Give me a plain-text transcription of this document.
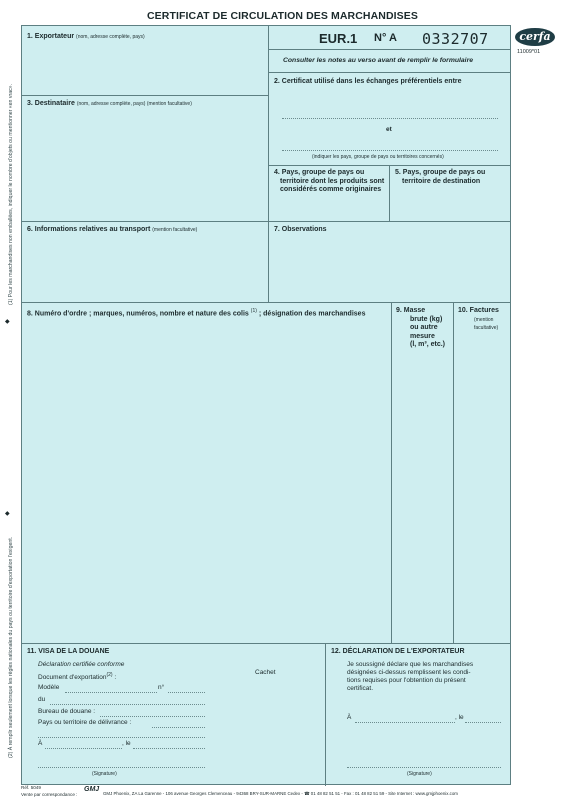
CERTIFICAT DE CIRCULATION DES MARCHANDISES
cerfa
11009*01
(1) Pour les marchandises non emballées, indiquer le nombre d'objets ou mentionner «en vrac».
◆
(2) À remplir seulement lorsque les règles nationales du pays ou territoire d'exportation l'exigent.
◆
1. Exportateur (nom, adresse complète, pays)	EUR.1 N° A 0332707
Consulter les notes au verso avant de remplir le formulaire
2. Certificat utilisé dans les échanges préférentiels entre
et
(indiquer les pays, groupe de pays ou territoires concernés)
3. Destinataire (nom, adresse complète, pays) (mention facultative)
4. Pays, groupe de pays ou
territoire dont les produits sont
considérés comme originaires
5. Pays, groupe de pays ou
territoire de destination
6. Informations relatives au transport (mention facultative)	7. Observations
8. Numéro d'ordre ; marques, numéros, nombre et nature des colis $^{(1)}$ ; désignation des marchandises	9. Masse
brute (kg)
ou autre
mesure
(l, m³, etc.)
10. Factures
(mention
facultative)
11. VISA DE LA DOUANE
Déclaration certifiée conforme
Document d'exportation$^{(2)}$ :
Cachet
Modèle	n°
du
Bureau de douane :
Pays ou territoire de délivrance :
À	, le
(Signature)
12. DÉCLARATION DE L'EXPORTATEUR
Je soussigné déclare que les marchandises
désignées ci-dessus remplissent les condi-
tions requises pour l'obtention du présent
certificat.
À	, le
(Signature)
Réf. 5049
Vente par correspondance :
GMJ
GMJ Phoenix, ZA La Garenne - 106 avenue Georges Clemenceau - 94368 BRY-SUR-MARNE Cedex - ☎ 01 48 82 51 51 - Fax : 01 48 82 51 59 - Site Internet : www.gmjphoenix.com
